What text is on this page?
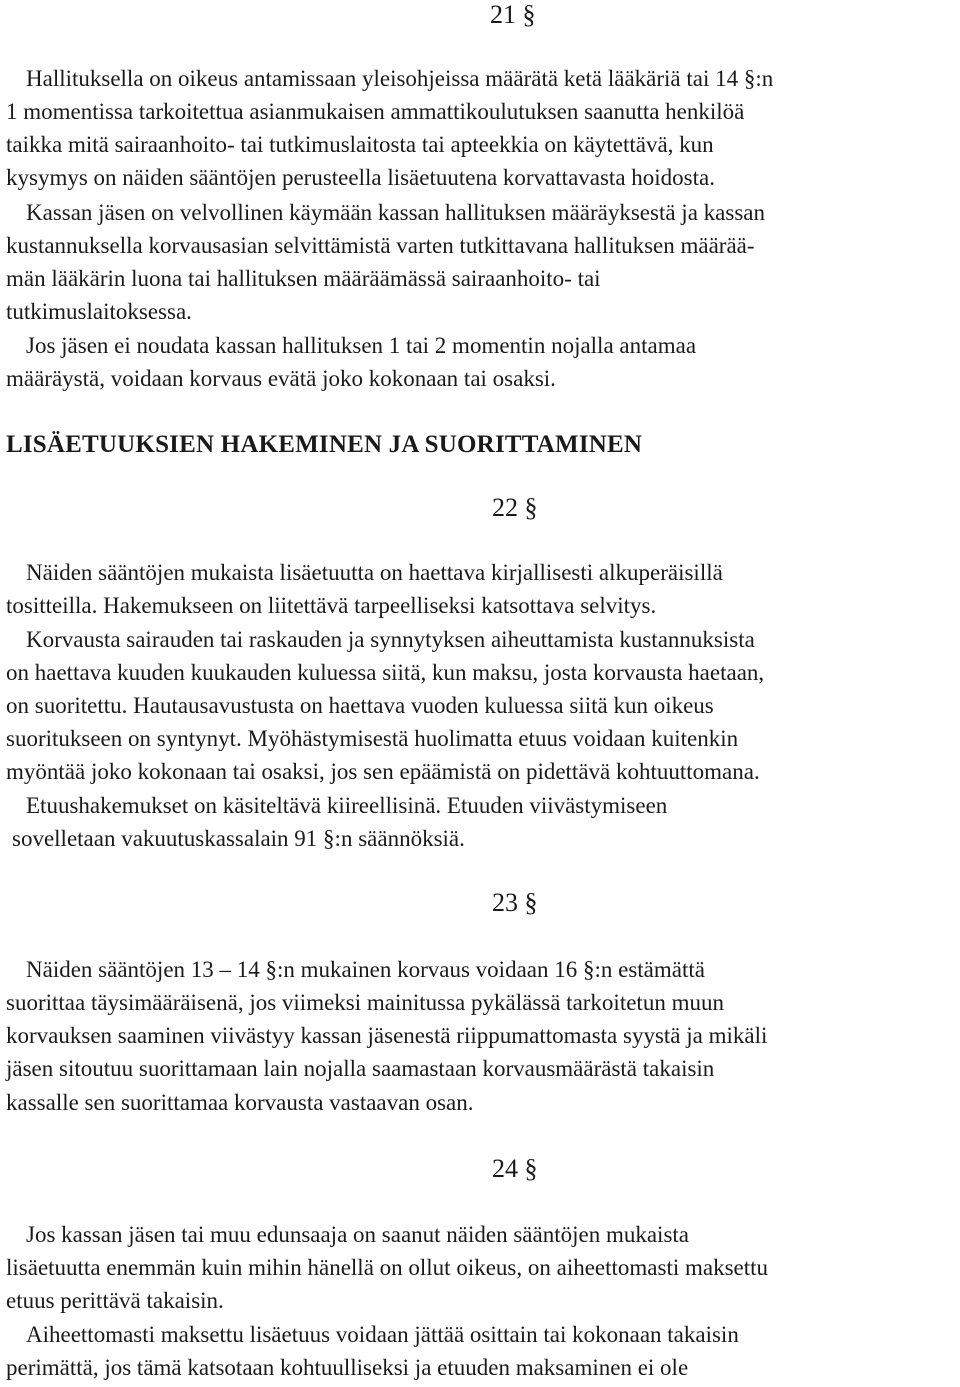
21 §
Hallituksella on oikeus antamissaan yleisohjeissa määrätä ketä lääkäriä tai 14 §:n
1 momentissa tarkoitettua asianmukaisen ammattikoulutuksen saanutta henkilöä
taikka mitä sairaanhoito- tai tutkimuslaitosta tai apteekkia on käytettävä, kun
kysymys on näiden sääntöjen perusteella lisäetuutena korvattavasta hoidosta.
Kassan jäsen on velvollinen käymään kassan hallituksen määräyksestä ja kassan
kustannuksella korvausasian selvittämistä varten tutkittavana hallituksen määrää-
män lääkärin luona tai hallituksen määräämässä sairaanhoito- tai
tutkimuslaitoksessa.
Jos jäsen ei noudata kassan hallituksen 1 tai 2 momentin nojalla antamaa
määräystä, voidaan korvaus evätä joko kokonaan tai osaksi.
LISÄETUUKSIEN HAKEMINEN JA SUORITTAMINEN
22 §
Näiden sääntöjen mukaista lisäetuutta on haettava kirjallisesti alkuperäisillä
tositteilla. Hakemukseen on liitettävä tarpeelliseksi katsottava selvitys.
Korvausta sairauden tai raskauden ja synnytyksen aiheuttamista kustannuksista
on haettava kuuden kuukauden kuluessa siitä, kun maksu, josta korvausta haetaan,
on suoritettu. Hautausavustusta on haettava vuoden kuluessa siitä kun oikeus
suoritukseen on syntynyt. Myöhästymisestä huolimatta etuus voidaan kuitenkin
myöntää joko kokonaan tai osaksi, jos sen epäämistä on pidettävä kohtuuttomana.
Etuushakemukset on käsiteltävä kiireellisinä. Etuuden viivästymiseen
sovelletaan vakuutuskassalain 91 §:n säännöksiä.
23 §
Näiden sääntöjen 13 – 14 §:n mukainen korvaus voidaan 16 §:n estämättä
suorittaa täysimääräisenä, jos viimeksi mainitussa pykälässä tarkoitetun muun
korvauksen saaminen viivästyy kassan jäsenestä riippumattomasta syystä ja mikäli
jäsen sitoutuu suorittamaan lain nojalla saamastaan korvausmäärästä takaisin
kassalle sen suorittamaa korvausta vastaavan osan.
24 §
Jos kassan jäsen tai muu edunsaaja on saanut näiden sääntöjen mukaista
lisäetuutta enemmän kuin mihin hänellä on ollut oikeus, on aiheettomasti maksettu
etuus perittävä takaisin.
Aiheettomasti maksettu lisäetuus voidaan jättää osittain tai kokonaan takaisin
perimättä, jos tämä katsotaan kohtuulliseksi ja etuuden maksaminen ei ole
